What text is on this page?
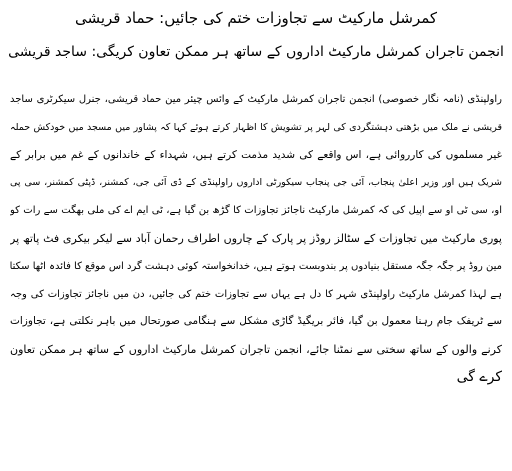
کمرشل مارکیٹ سے تجاوزات ختم کی جائیں: حماد قریشی
انجمن تاجران کمرشل مارکیٹ اداروں کے ساتھ ہر ممکن تعاون کریگی: ساجد قریشی
راولپنڈی (نامہ نگار خصوصی) انجمن تاجران کمرشل مارکیٹ کے وائس چیئر مین حماد قریشی، جنرل سیکرٹری ساجد
قریشی نے ملک میں بڑھتی دہشتگردی کی لہر پر تشویش کا اظہار کرتے ہوئے کہا کہ پشاور میں مسجد میں خودکش حملہ
غیر مسلموں کی کارروائی ہے، اس واقعے کی شدید مذمت کرتے ہیں، شہداء کے خاندانوں کے غم میں برابر کے
شریک ہیں اور وزیر اعلیٰ پنجاب، آئی جی پنجاب سیکورٹی اداروں راولپنڈی کے ڈی آئی جی، کمشنر، ڈپٹی کمشنر، سی پی
او، سی ٹی او سے اپیل کی کہ کمرشل مارکیٹ ناجائز تجاوزات کا گڑھ بن گیا ہے، ٹی ایم اے کی ملی بھگت سے رات کو
پوری مارکیٹ میں تجاوزات کے سٹالز روڈز پر پارک کے چاروں اطراف رحمان آباد سے لیکر بیکری فٹ پاتھ پر
مین روڈ پر جگہ جگہ مستقل بنیادوں پر بندوبست ہوتے ہیں، خدانخواستہ کوئی دہشت گرد اس موقع کا فائدہ اٹھا سکتا
ہے لہذا کمرشل مارکیٹ راولپنڈی شہر کا دل ہے یہاں سے تجاوزات ختم کی جائیں، دن میں ناجائز تجاوزات کی وجہ
سے ٹریفک جام رہنا معمول بن گیا، فائر بریگیڈ گاڑی مشکل سے ہنگامی صورتحال میں باہر نکلتی ہے، تجاوزات
کرنے والوں کے ساتھ سختی سے نمٹنا جائے، انجمن تاجران کمرشل مارکیٹ اداروں کے ساتھ ہر ممکن تعاون
کرے گی
